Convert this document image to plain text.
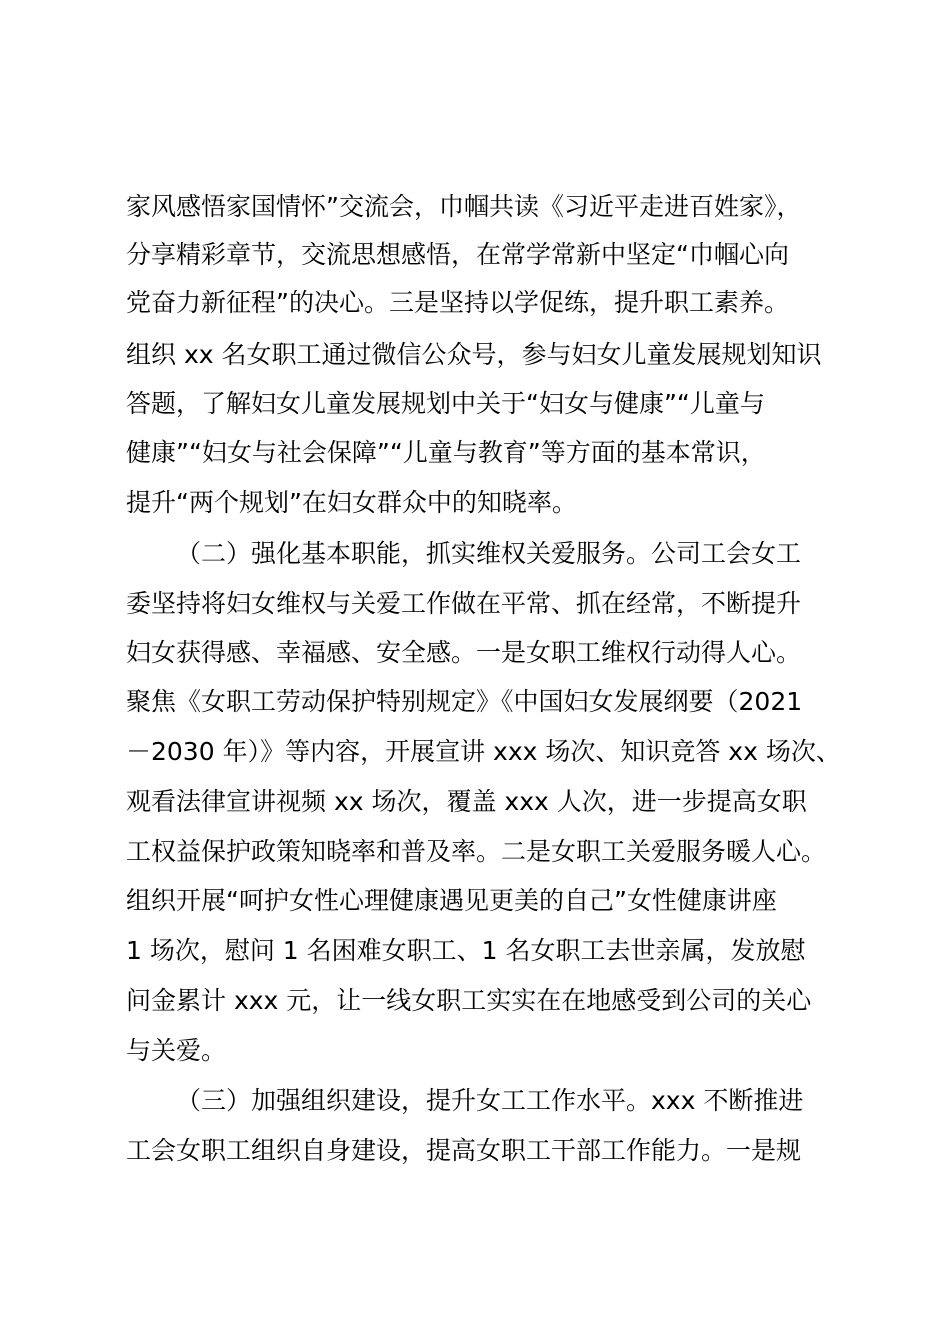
家风感悟家国情怀”交流会，巾帼共读《习近平走进百姓家》，

分享精彩章节，交流思想感悟，在常学常新中坚定“巾帼心向

党奋力新征程”的决心。三是坚持以学促练，提升职工素养。

组织 xx 名女职工通过微信公众号，参与妇女儿童发展规划知识

答题，了解妇女儿童发展规划中关于“妇女与健康”“儿童与

健康”“妇女与社会保障”“儿童与教育”等方面的基本常识，

提升“两个规划”在妇女群众中的知晓率。

（二）强化基本职能，抓实维权关爱服务。公司工会女工

委坚持将妇女维权与关爱工作做在平常、抓在经常，不断提升

妇女获得感、幸福感、安全感。一是女职工维权行动得人心。

聚焦《女职工劳动保护特别规定》《中国妇女发展纲要（2021

－2030 年）》等内容，开展宣讲 xxx 场次、知识竞答 xx 场次、

观看法律宣讲视频 xx 场次，覆盖 xxx 人次，进一步提高女职

工权益保护政策知晓率和普及率。二是女职工关爱服务暖人心。

组织开展“呵护女性心理健康遇见更美的自己”女性健康讲座

1 场次，慰问 1 名困难女职工、1 名女职工去世亲属，发放慰

问金累计 xxx 元，让一线女职工实实在在地感受到公司的关心

与关爱。

（三）加强组织建设，提升女工工作水平。xxx 不断推进

工会女职工组织自身建设，提高女职工干部工作能力。一是规
